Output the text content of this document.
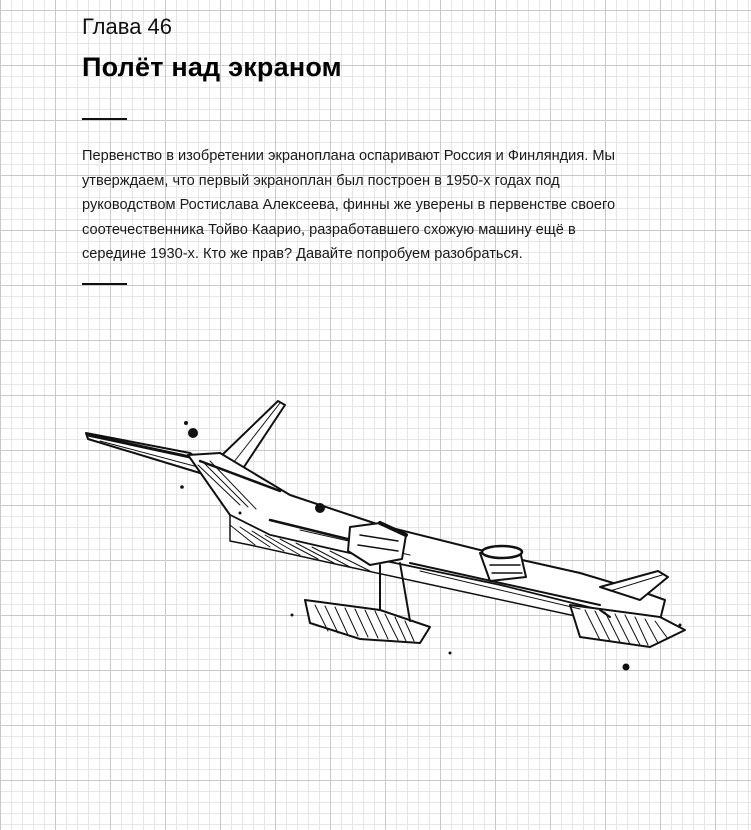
Глава 46
Полёт над экраном

Первенство в изобретении экраноплана оспаривают Россия и Финляндия. Мы утверждаем, что первый экраноплан был построен в 1950-х годах под руководством Ростислава Алексеева, финны же уверены в первенстве своего соотечественника Тойво Каарио, разработавшего схожую машину ещё в середине 1930-х. Кто же прав? Давайте попробуем разобраться.
